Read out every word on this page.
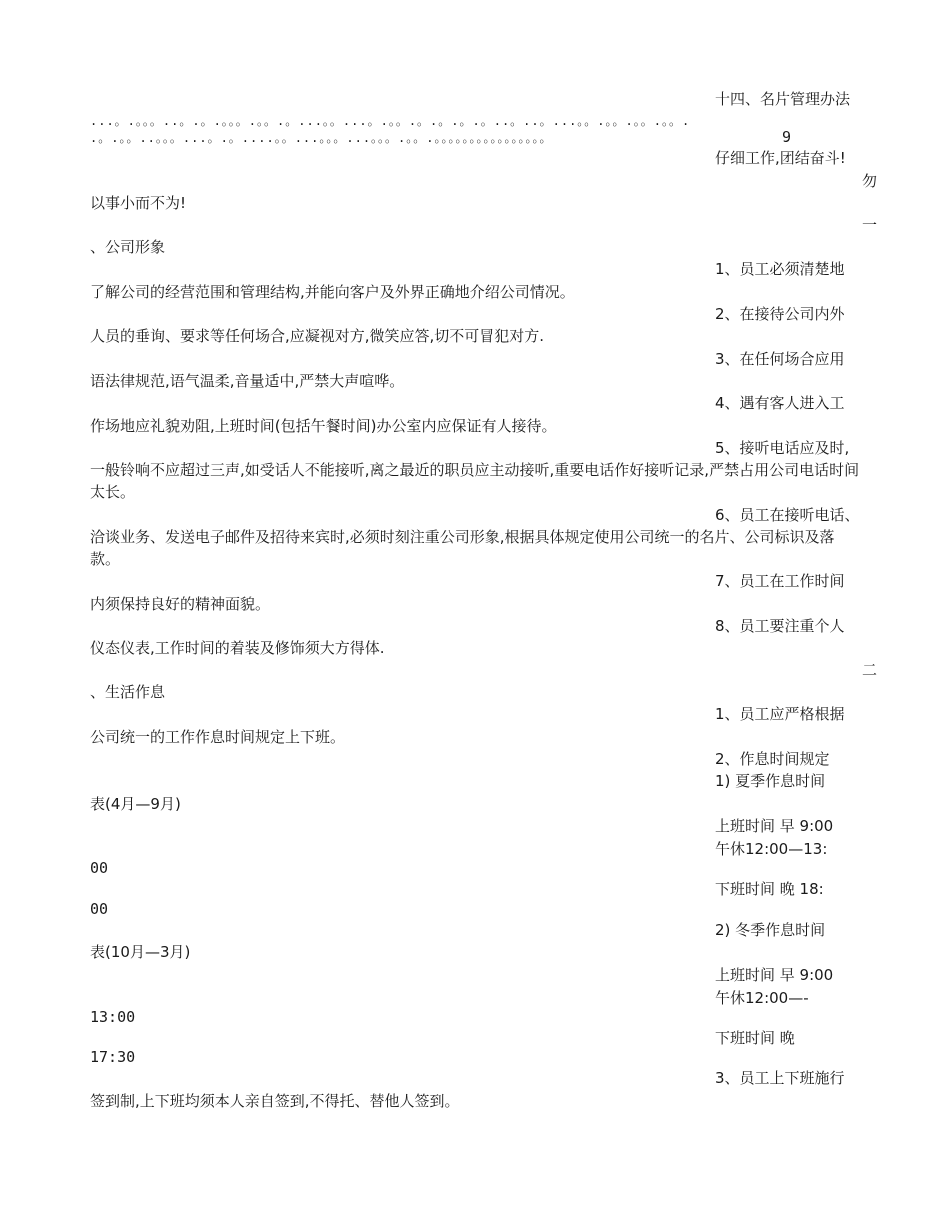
十四、名片管理办法

...。.。。。..。.。.。。。.。。.。...。。...。.。。.。.。.。.。..。..。...。。.。。.。。.。。.

.。.。。..。。。...。.。....。。...。。。...。。。.。。.。。。。。。。。。。。。。。。。	9

仔细工作,团结奋斗!

勿

以事小而不为!

一

、公司形象

1、员工必须清楚地

了解公司的经营范围和管理结构,并能向客户及外界正确地介绍公司情况。

2、在接待公司内外

人员的垂询、要求等任何场合,应凝视对方,微笑应答,切不可冒犯对方.

3、在任何场合应用

语法律规范,语气温柔,音量适中,严禁大声喧哗。

4、遇有客人进入工

作场地应礼貌劝阻,上班时间(包括午餐时间)办公室内应保证有人接待。

5、接听电话应及时,

一般铃响不应超过三声,如受话人不能接听,离之最近的职员应主动接听,重要电话作好接听记录,严禁占用公司电话时间太长。

6、员工在接听电话、

洽谈业务、发送电子邮件及招待来宾时,必须时刻注重公司形象,根据具体规定使用公司统一的名片、公司标识及落款。

7、员工在工作时间

内须保持良好的精神面貌。

8、员工要注重个人

仪态仪表,工作时间的着装及修饰须大方得体.

二

、生活作息

1、员工应严格根据

公司统一的工作作息时间规定上下班。

2、作息时间规定

1) 夏季作息时间

表(4月—9月)

上班时间 早 9:00

午休12:00—13:

00

下班时间 晚 18:

00

2) 冬季作息时间

表(10月—3月)

上班时间 早 9:00

午休12:00—-

13:00

下班时间 晚

17:30

3、员工上下班施行

签到制,上下班均须本人亲自签到,不得托、替他人签到。
